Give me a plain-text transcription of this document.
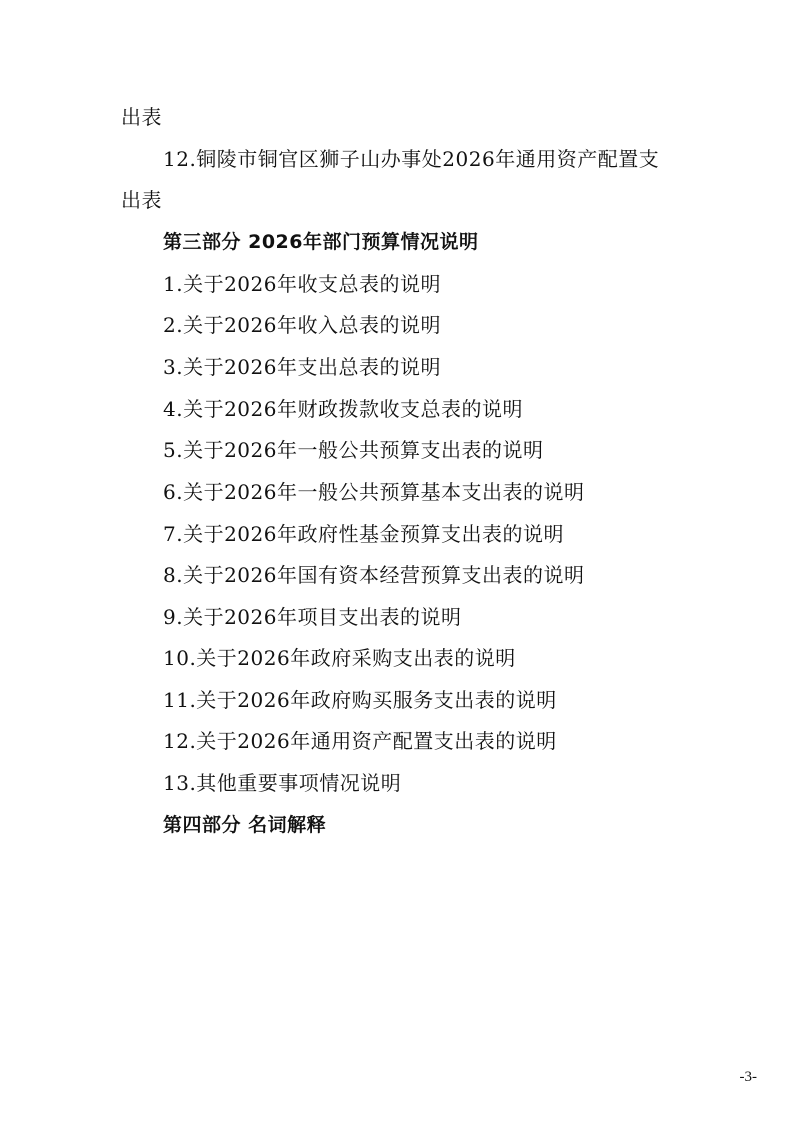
出表
12.铜陵市铜官区狮子山办事处2026年通用资产配置支
出表
第三部分 2026年部门预算情况说明
1.关于2026年收支总表的说明
2.关于2026年收入总表的说明
3.关于2026年支出总表的说明
4.关于2026年财政拨款收支总表的说明
5.关于2026年一般公共预算支出表的说明
6.关于2026年一般公共预算基本支出表的说明
7.关于2026年政府性基金预算支出表的说明
8.关于2026年国有资本经营预算支出表的说明
9.关于2026年项目支出表的说明
10.关于2026年政府采购支出表的说明
11.关于2026年政府购买服务支出表的说明
12.关于2026年通用资产配置支出表的说明
13.其他重要事项情况说明
第四部分 名词解释
-3-
